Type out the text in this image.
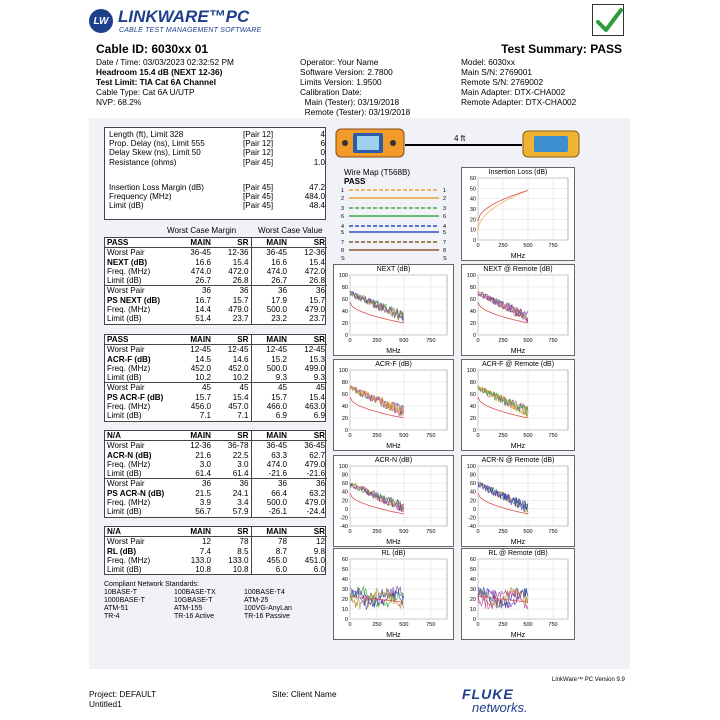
LW LINKWARE™PC
CABLE TEST MANAGEMENT SOFTWARE
Cable ID: 6030xx 01	Test Summary: PASS
Date / Time: 03/03/2023 02:32:52 PM
Headroom 15.4 dB (NEXT 12-36)
Test Limit: TIA Cat 6A Channel
Cable Type: Cat 6A U/UTP
NVP: 68.2%
Operator: Your Name
Software Version: 2.7800
Limits Version: 1.9500
Calibration Date:
Main (Tester): 03/19/2018
Remote (Tester): 03/19/2018
Model: 6030xx
Main S/N: 2769001
Remote S/N: 2769002
Main Adapter: DTX-CHA002
Remote Adapter: DTX-CHA002
Length (ft), Limit 328	[Pair 12]	4
Prop. Delay (ns), Limit 555	[Pair 12]	6
Delay Skew (ns), Limit 50	[Pair 12]	0
Resistance (ohms)	[Pair 45]	1.0

Insertion Loss Margin (dB)	[Pair 45]	47.2
Frequency (MHz)	[Pair 45]	484.0
Limit (dB)	[Pair 45]	48.4
Worst Case Margin	Worst Case Value
PASS	MAIN	SR	MAIN	SR
Worst Pair	36-45	12-36	36-45	12-36
NEXT (dB)	16.6	15.4	16.6	15.4
Freq. (MHz)	474.0	472.0	474.0	472.0
Limit (dB)	26.7	26.8	26.7	26.8
Worst Pair	36	36	36	36
PS NEXT (dB)	16.7	15.7	17.9	15.7
Freq. (MHz)	14.4	479.0	500.0	479.0
Limit (dB)	51.4	23.7	23.2	23.7
PASS	MAIN	SR	MAIN	SR
Worst Pair	12-45	12-45	12-45	12-45
ACR-F (dB)	14.5	14.6	15.2	15.3
Freq. (MHz)	452.0	452.0	500.0	499.0
Limit (dB)	10.2	10.2	9.3	9.3
Worst Pair	45	45	45	45
PS ACR-F (dB)	15.7	15.4	15.7	15.4
Freq. (MHz)	456.0	457.0	466.0	463.0
Limit (dB)	7.1	7.1	6.9	6.9
N/A	MAIN	SR	MAIN	SR
Worst Pair	12-36	36-78	36-45	36-45
ACR-N (dB)	21.6	22.5	63.3	62.7
Freq. (MHz)	3.0	3.0	474.0	479.0
Limit (dB)	61.4	61.4	-21.6	-21.6
Worst Pair	36	36	36	36
PS ACR-N (dB)	21.5	24.1	66.4	63.2
Freq. (MHz)	3.9	3.4	500.0	479.0
Limit (dB)	56.7	57.9	-26.1	-24.4
N/A	MAIN	SR	MAIN	SR
Worst Pair	12	78	78	12
RL (dB)	7.4	8.5	8.7	9.8
Freq. (MHz)	133.0	133.0	455.0	451.0
Limit (dB)	10.8	10.8	6.0	6.0
Compliant Network Standards:
10BASE-T	100BASE-TX	100BASE-T4
1000BASE-T	10GBASE-T	ATM-25
ATM-51	ATM-155	100VG-AnyLan
TR-4	TR-16 Active	TR-16 Passive
4 ft
Wire Map (T568B)
PASS
1	1
2	2
3	3
6	6
4	4
5	5
7	7
8	8
S	S
Insertion Loss (dB)
MHz
60
50
40
30
20
10
0
0	250	500	750
NEXT (dB)
MHz
100
80
60
40
20
0
0	250	500	750
NEXT @ Remote (dB)
MHz
100
80
60
40
20
0
0	250	500	750
ACR-F (dB)
MHz
100
80
60
40
20
0
0	250	500	750
ACR-F @ Remote (dB)
MHz
100
80
60
40
20
0
0	250	500	750
ACR-N (dB)
MHz
100
80
60
40
20
0
-20
-40
0	250	500	750
ACR-N @ Remote (dB)
MHz
100
80
60
40
20
0
-20
-40
0	250	500	750
RL (dB)
MHz
60
50
40
30
20
10
0
0	250	500	750
RL @ Remote (dB)
MHz
60
50
40
30
20
10
0
0	250	500	750
LinkWare™ PC Version 9.9
Project: DEFAULT
Untitled1
Site: Client Name	FLUKE
networks.
